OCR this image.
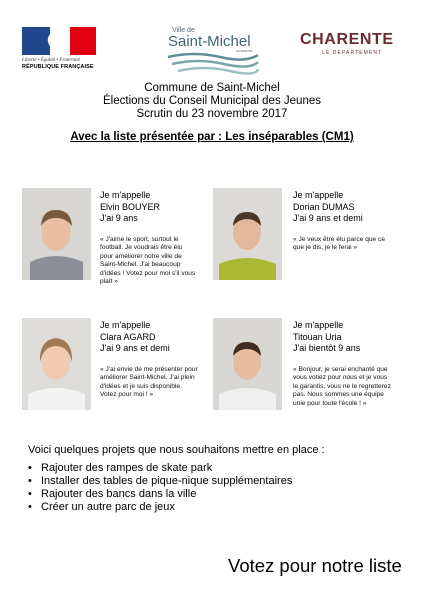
Liberté • Égalité • Fraternité
RÉPUBLIQUE FRANÇAISE
Ville de
Saint-Michel
CHARENTE
CHARENTE
LE DÉPARTEMENT
Commune de Saint-Michel
Élections du Conseil Municipal des Jeunes
Scrutin du 23 novembre 2017
Avec la liste présentée par : Les inséparables (CM1)
Je m'appelle
Elvin BOUYER
J'ai 9 ans
« J'aime le sport, surtout le football. Je voudrais être élu pour améliorer notre ville de Saint-Michel. J'ai beaucoup d'idées ! Votez pour moi s'il vous plaît »
Je m'appelle
Dorian DUMAS
J'ai 9 ans et demi
« Je veux être élu parce que ce que je dis, je le ferai »
Je m'appelle
Clara AGARD
J'ai 9 ans et demi
« J'ai envie de me présenter pour améliorer Saint-Michel. J'ai plein d'idées et je suis disponible. Votez pour moi ! »
Je m'appelle
Titouan Uria
J'ai bientôt 9 ans
« Bonjour, je serai enchanté que vous votiez pour nous et je vous le garantis, vous ne le regretterez pas. Nous sommes une équipe unie pour toute l'école ! »
Voici quelques projets que nous souhaitons mettre en place :
• Rajouter des rampes de skate park
• Installer des tables de pique-nique supplémentaires
• Rajouter des bancs dans la ville
• Créer un autre parc de jeux
Votez pour notre liste
